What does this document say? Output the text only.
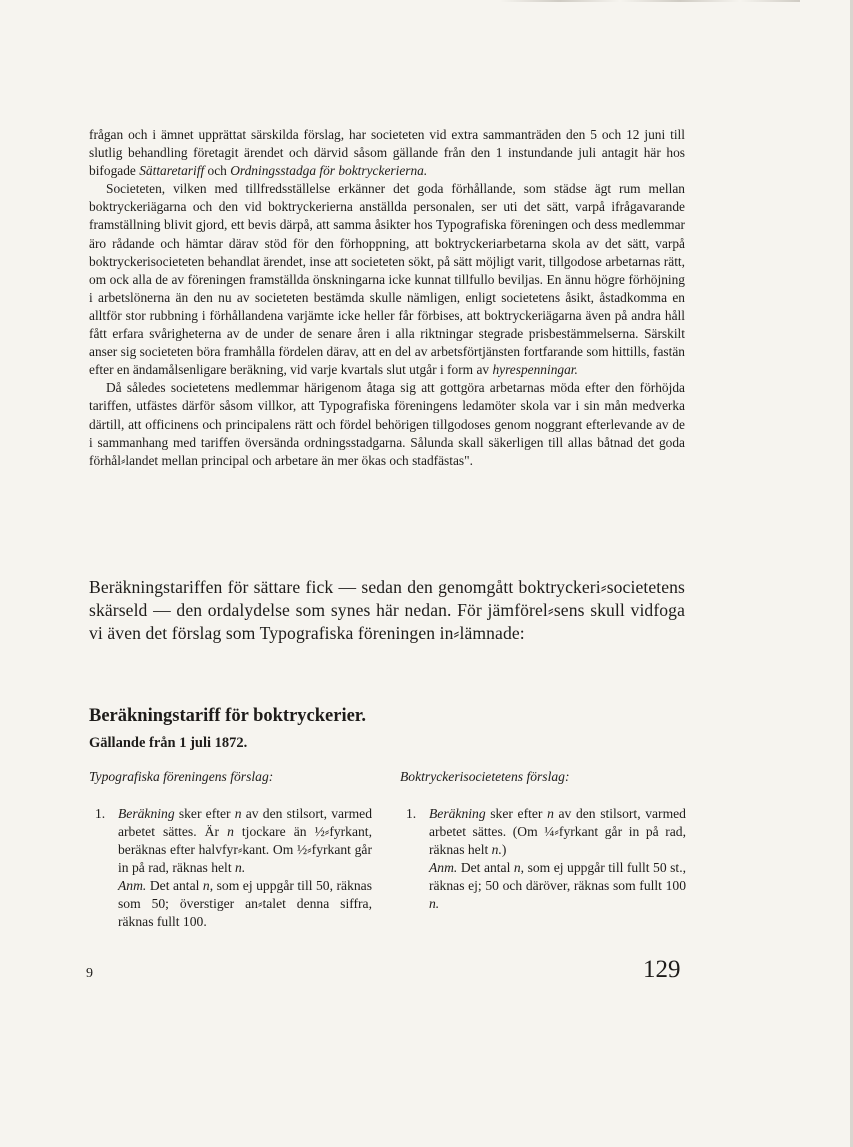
frågan och i ämnet upprättat särskilda förslag, har societeten vid extra sammanträden den 5 och 12 juni till slutlig behandling företagit ärendet och därvid såsom gällande från den 1 instundande juli antagit här hos bifogade Sättaretariff och Ordningsstadga för boktryckerierna.

Societeten, vilken med tillfredsställelse erkänner det goda förhållande, som städse ägt rum mellan boktryckeriägarna och den vid boktryckerierna anställda personalen, ser uti det sätt, varpå ifrågavarande framställning blivit gjord, ett bevis därpå, att samma åsikter hos Typografiska föreningen och dess medlemmar äro rådande och hämtar därav stöd för den förhoppning, att boktryckeriarbetarna skola av det sätt, varpå boktryckerisocieteten behandlat ärendet, inse att societeten sökt, på sätt möjligt varit, tillgodose arbetarnas rätt, om ock alla de av föreningen framställda önskningarna icke kunnat tillfullo beviljas. En ännu högre förhöjning i arbetslönerna än den nu av societeten bestämda skulle nämligen, enligt societetens åsikt, åstadkomma en alltför stor rubbning i förhållandena varjämte icke heller får förbises, att boktryckeriägarna även på andra håll fått erfara svårigheterna av de under de senare åren i alla riktningar stegrade prisbestämmelserna. Särskilt anser sig societeten böra framhålla fördelen därav, att en del av arbetsförtjänsten fortfarande som hittills, fastän efter en ändamålsenligare beräkning, vid varje kvartals slut utgår i form av hyrespenningar.

Då således societetens medlemmar härigenom åtaga sig att gottgöra arbetarnas möda efter den förhöjda tariffen, utfästes därför såsom villkor, att Typografiska föreningens ledamöter skola var i sin mån medverka därtill, att officinens och principalens rätt och fördel behörigen tillgodoses genom noggrant efterlevande av de i sammanhang med tariffen översända ordningsstadgarna. Sålunda skall säkerligen till allas båtnad det goda förhål⸗landet mellan principal och arbetare än mer ökas och stadfästas".

Beräkningstariffen för sättare fick — sedan den genomgått boktryckeri⸗societetens skärseld — den ordalydelse som synes här nedan. För jämförel⸗sens skull vidfoga vi även det förslag som Typografiska föreningen in⸗lämnade:
Beräkningstariff för boktryckerier.
Gällande från 1 juli 1872.
Typografiska föreningens förslag:
1. Beräkning sker efter n av den stilsort, varmed arbetet sättes. Är n tjockare än ½⸗fyrkant, beräknas efter halvfyr⸗kant. Om ½⸗fyrkant går in på rad, räknas helt n.

Anm. Det antal n, som ej uppgår till 50, räknas som 50; överstiger an⸗talet denna siffra, räknas fullt 100.

Boktryckerisocietetens förslag:
1. Beräkning sker efter n av den stilsort, varmed arbetet sättes. (Om ¼⸗fyrkant går in på rad, räknas helt n.)

Anm. Det antal n, som ej uppgår till fullt 50 st., räknas ej; 50 och däröver, räknas som fullt 100 n.

9	129
